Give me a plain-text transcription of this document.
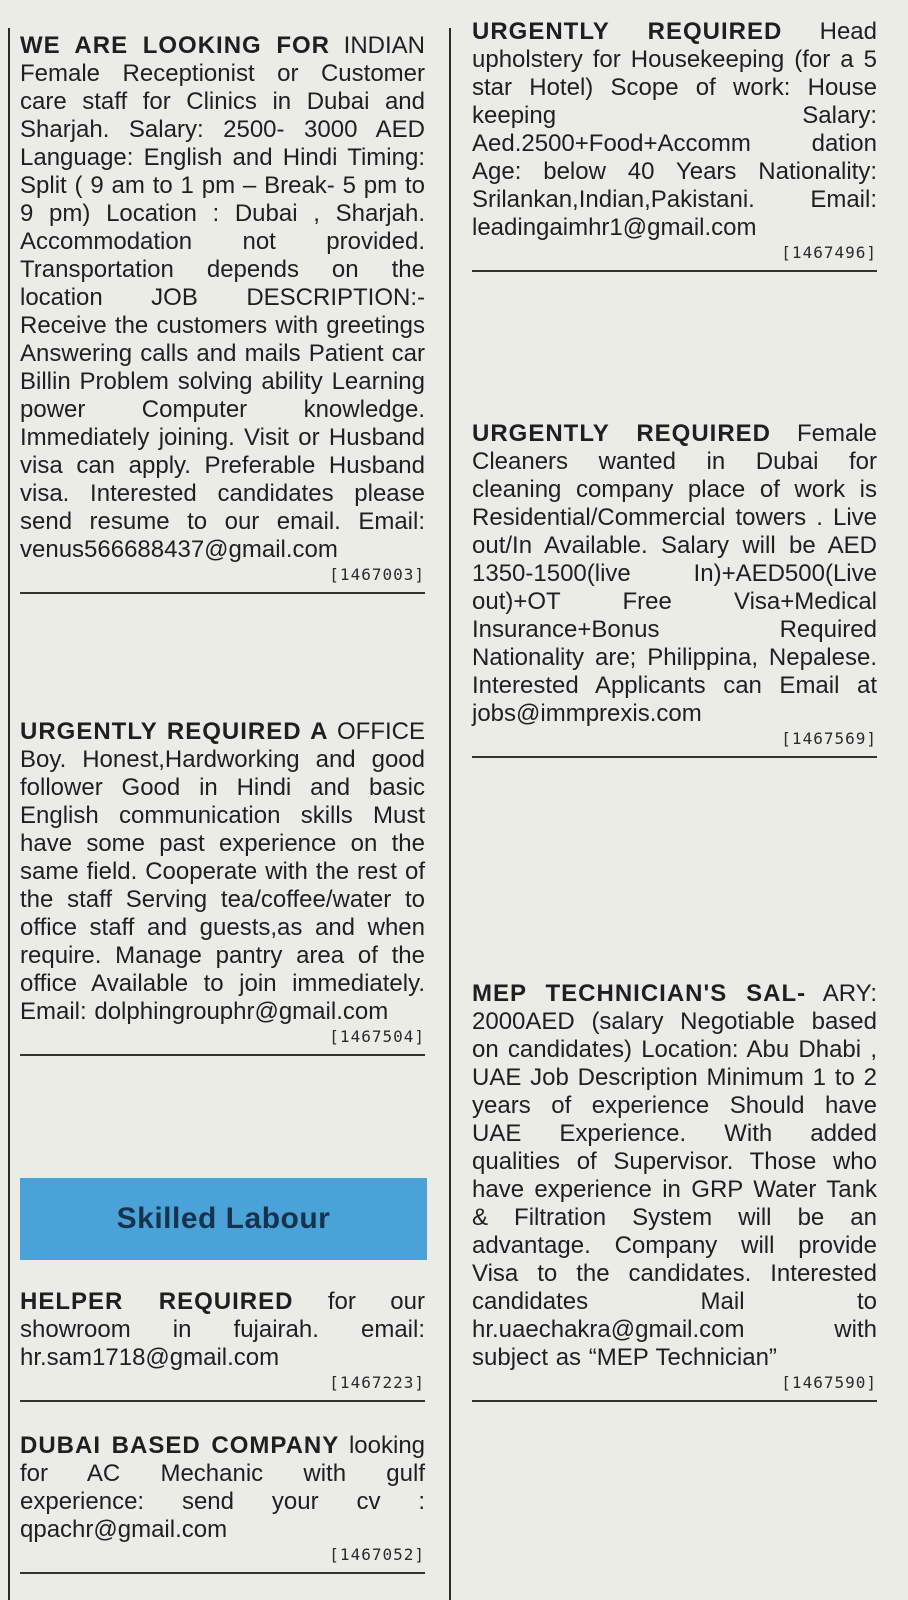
WE ARE LOOKING FOR INDIAN Female Receptionist or Customer care staff for Clinics in Dubai and Sharjah. Salary: 2500- 3000 AED Language: English and Hindi Timing: Split ( 9 am to 1 pm – Break- 5 pm to 9 pm) Location : Dubai , Sharjah. Accommodation not provided. Transportation depends on the location JOB DESCRIPTION:- Receive the customers with greetings Answering calls and mails Patient car Billin Problem solving ability Learning power Computer knowledge. Immediately joining. Visit or Husband visa can apply. Preferable Husband visa. Interested candidates please send resume to our email. Email: venus566688437@gmail.com
[1467003]
URGENTLY REQUIRED A OFFICE Boy. Honest,Hardworking and good follower Good in Hindi and basic English communication skills Must have some past experience on the same field. Cooperate with the rest of the staff Serving tea/coffee/water to office staff and guests,as and when require. Manage pantry area of the office Available to join immediately. Email: dolphingrouphr@gmail.com
[1467504]
Skilled Labour
HELPER REQUIRED for our showroom in fujairah. email: hr.sam1718@gmail.com
[1467223]
DUBAI BASED COMPANY looking for AC Mechanic with gulf experience: send your cv : qpachr@gmail.com
[1467052]
URGENTLY REQUIRED Head upholstery for Housekeeping (for a 5 star Hotel) Scope of work: House keeping Salary: Aed.2500+Food+Accomm dation Age: below 40 Years Nationality: Srilankan,Indian,Pakistani. Email: leadingaimhr1@gmail.com
[1467496]
URGENTLY REQUIRED Female Cleaners wanted in Dubai for cleaning company place of work is Residential/Commercial towers . Live out/In Available. Salary will be AED 1350-1500(live In)+AED500(Live out)+OT Free Visa+Medical Insurance+Bonus Required Nationality are; Philippina, Nepalese. Interested Applicants can Email at jobs@immprexis.com
[1467569]
MEP TECHNICIAN'S SAL- ARY: 2000AED (salary Negotiable based on candidates) Location: Abu Dhabi , UAE Job Description Minimum 1 to 2 years of experience Should have UAE Experience. With added qualities of Supervisor. Those who have experience in GRP Water Tank & Filtration System will be an advantage. Company will provide Visa to the candidates. Interested candidates Mail to hr.uaechakra@gmail.com with subject as “MEP Technician”
[1467590]
